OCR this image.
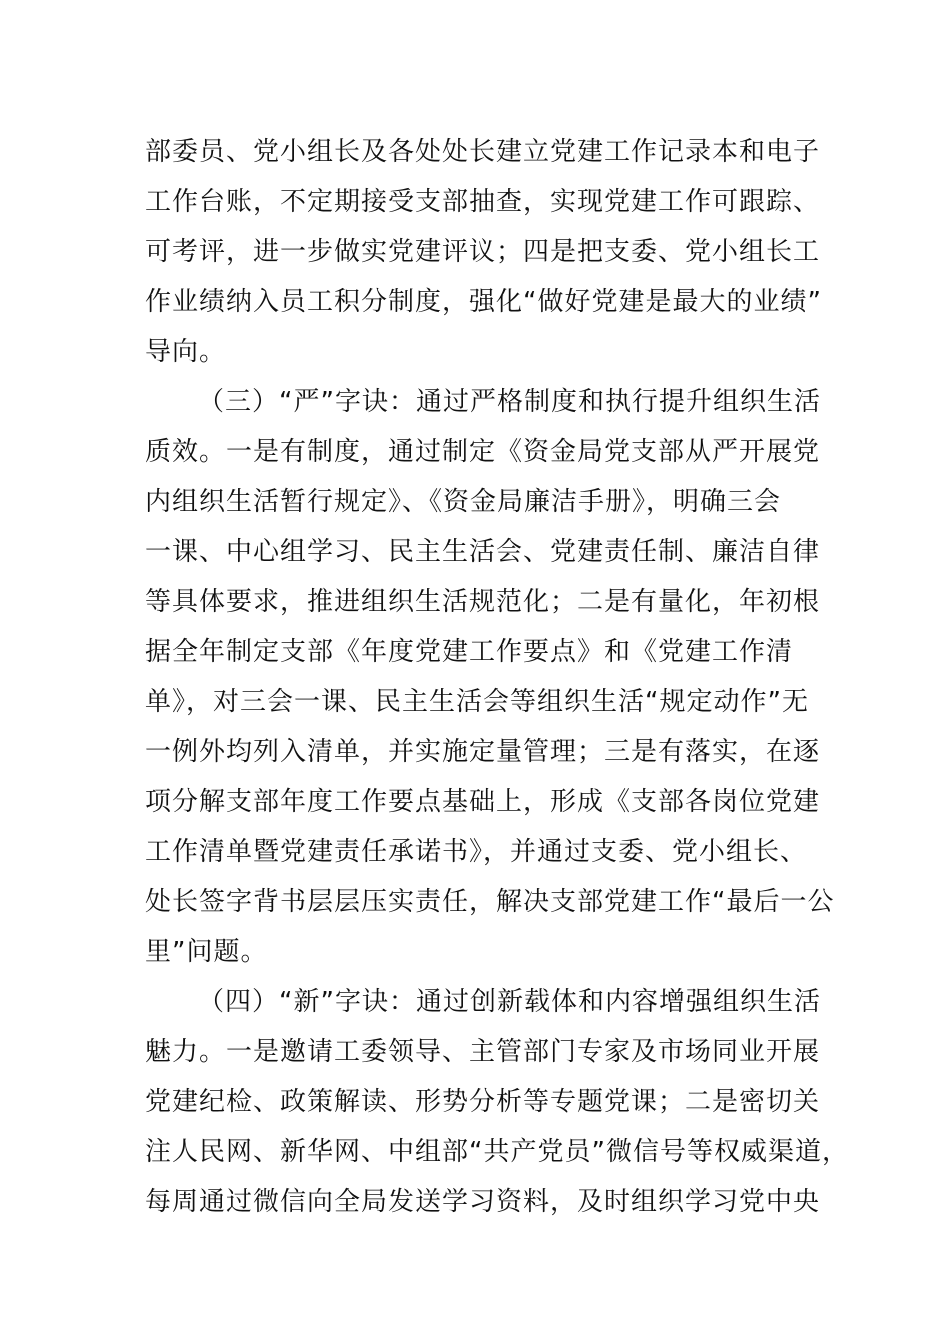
部委员、党小组长及各处处长建立党建工作记录本和电子
工作台账，不定期接受支部抽查，实现党建工作可跟踪、
可考评，进一步做实党建评议；四是把支委、党小组长工
作业绩纳入员工积分制度，强化“做好党建是最大的业绩”
导向。
（三）“严”字诀：通过严格制度和执行提升组织生活
质效。一是有制度，通过制定《资金局党支部从严开展党
内组织生活暂行规定》、《资金局廉洁手册》，明确三会
一课、中心组学习、民主生活会、党建责任制、廉洁自律
等具体要求，推进组织生活规范化；二是有量化，年初根
据全年制定支部《年度党建工作要点》和《党建工作清
单》，对三会一课、民主生活会等组织生活“规定动作”无
一例外均列入清单，并实施定量管理；三是有落实，在逐
项分解支部年度工作要点基础上，形成《支部各岗位党建
工作清单暨党建责任承诺书》，并通过支委、党小组长、
处长签字背书层层压实责任，解决支部党建工作“最后一公
里”问题。
（四）“新”字诀：通过创新载体和内容增强组织生活
魅力。一是邀请工委领导、主管部门专家及市场同业开展
党建纪检、政策解读、形势分析等专题党课；二是密切关
注人民网、新华网、中组部“共产党员”微信号等权威渠道，
每周通过微信向全局发送学习资料，及时组织学习党中央
